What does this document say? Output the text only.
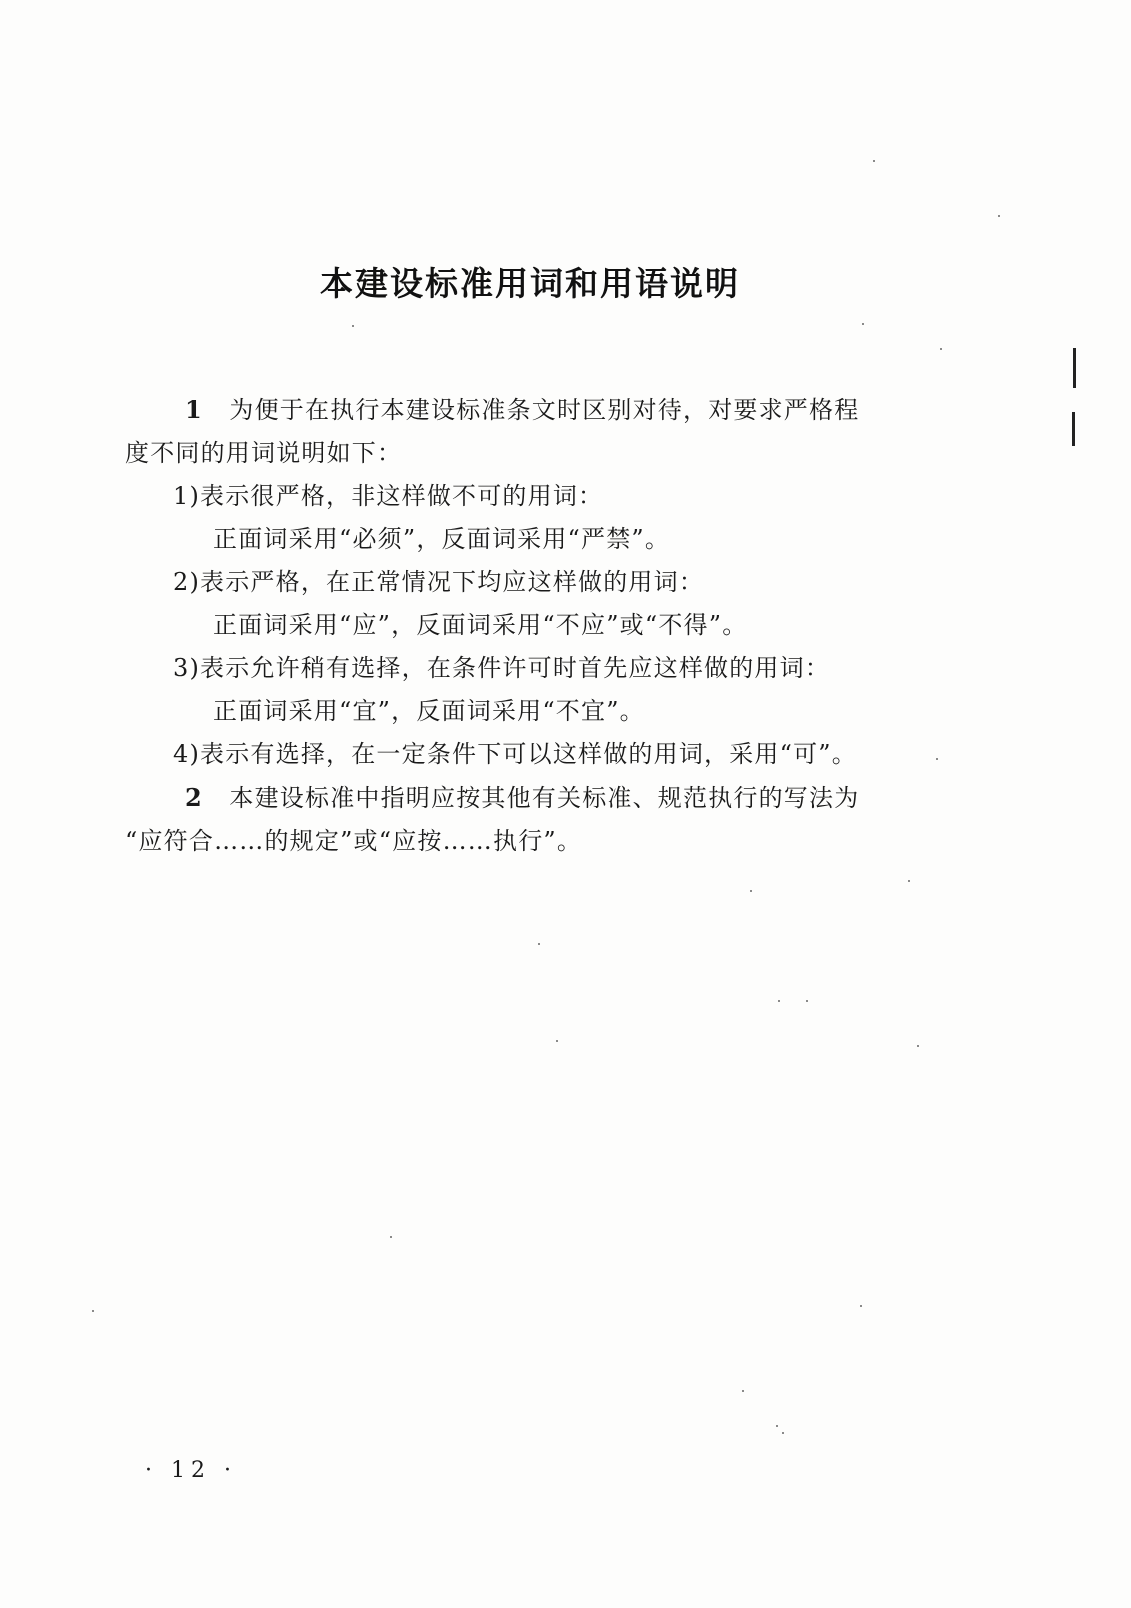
本建设标准用词和用语说明

1 为便于在执行本建设标准条文时区别对待，对要求严格程

度不同的用词说明如下：

1)表示很严格，非这样做不可的用词：

正面词采用“必须”，反面词采用“严禁”。

2)表示严格，在正常情况下均应这样做的用词：

正面词采用“应”，反面词采用“不应”或“不得”。

3)表示允许稍有选择，在条件许可时首先应这样做的用词：

正面词采用“宜”，反面词采用“不宜”。

4)表示有选择，在一定条件下可以这样做的用词，采用“可”。

2 本建设标准中指明应按其他有关标准、规范执行的写法为

“应符合……的规定”或“应按……执行”。

· 12 ·
